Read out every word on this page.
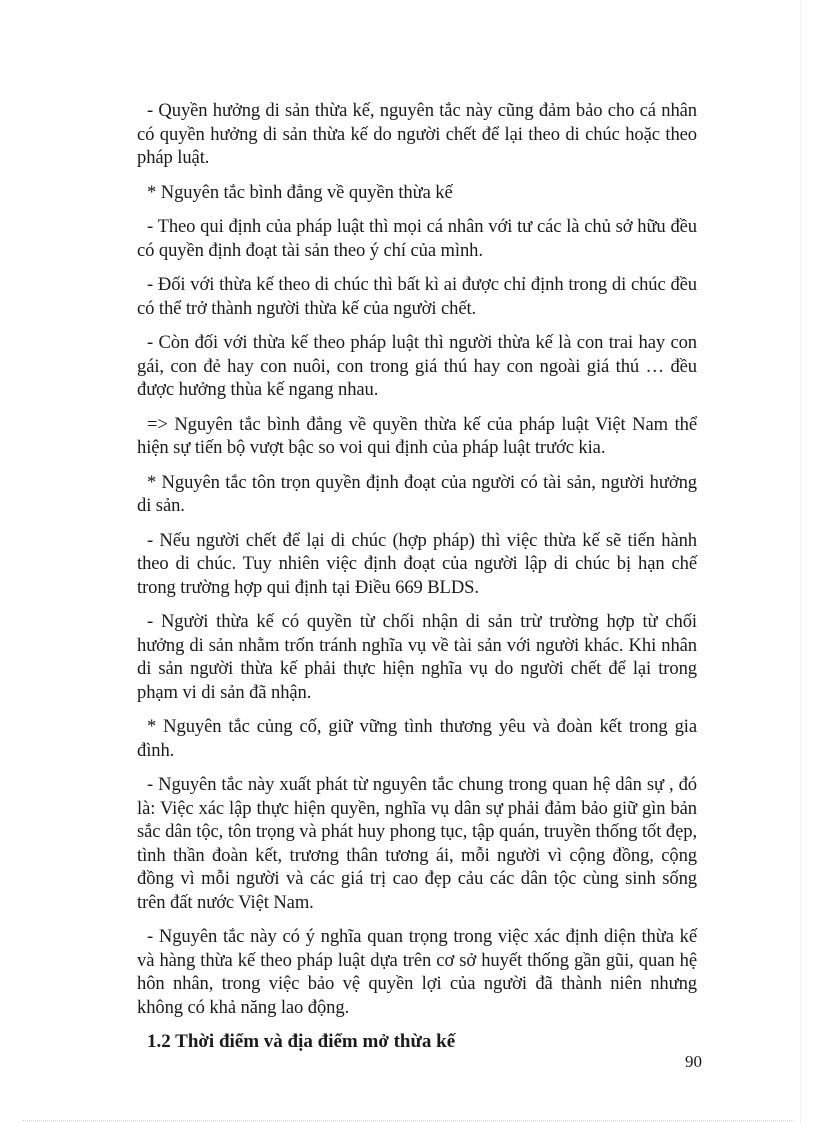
- Quyền hưởng di sản thừa kế, nguyên tắc này cũng đảm bảo cho cá nhân có quyền hưởng di sản thừa kế do người chết để lại theo di chúc hoặc theo pháp luật.

* Nguyên tắc bình đẳng về quyền thừa kế

- Theo qui định của pháp luật thì mọi cá nhân với tư các là chủ sở hữu đều có quyền định đoạt tài sản theo ý chí của mình.

- Đối với thừa kế theo di chúc thì bất kì ai được chỉ định trong di chúc đều có thể trở thành người thừa kế của người chết.

- Còn đối với thừa kế theo pháp luật thì người thừa kế là con trai hay con gái, con đẻ hay con nuôi, con trong giá thú hay con ngoài giá thú … đều được hưởng thùa kế ngang nhau.

=> Nguyên tắc bình đẳng về quyền thừa kế của pháp luật Việt Nam thể hiện sự tiến bộ vượt bậc so voi qui định của pháp luật trước kia.

* Nguyên tắc tôn trọn quyền định đoạt của người có tài sản, người hưởng di sản.

- Nếu người chết để lại di chúc (hợp pháp) thì việc thừa kế sẽ tiến hành theo di chúc. Tuy nhiên việc định đoạt của người lập di chúc bị hạn chế trong trường hợp qui định tại Điều 669 BLDS.

- Người thừa kế có quyền từ chối nhận di sản trừ trường hợp từ chối hưởng di sản nhằm trốn tránh nghĩa vụ về tài sản với người khác. Khi nhân di sản người thừa kế phải thực hiện nghĩa vụ do người chết để lại trong phạm vi di sản đã nhận.

* Nguyên tắc củng cố, giữ vững tình thương yêu và đoàn kết trong gia đình.

- Nguyên tắc này xuất phát từ nguyên tắc chung trong quan hệ dân sự , đó là: Việc xác lập thực hiện quyền, nghĩa vụ dân sự phải đảm bảo giữ gìn bản sắc dân tộc, tôn trọng và phát huy phong tục, tập quán, truyền thống tốt đẹp, tình thần đoàn kết, trương thân tương ái, mỗi người vì cộng đồng, cộng đồng vì mỗi người và các giá trị cao đẹp cảu các dân tộc cùng sinh sống trên đất nước Việt Nam.

- Nguyên tắc này có ý nghĩa quan trọng trong việc xác định diện thừa kế và hàng thừa kế theo pháp luật dựa trên cơ sở huyết thống gần gũi, quan hệ hôn nhân, trong việc bảo vệ quyền lợi của người đã thành niên nhưng không có khả năng lao động.

1.2 Thời điểm và địa điểm mở thừa kế
90
